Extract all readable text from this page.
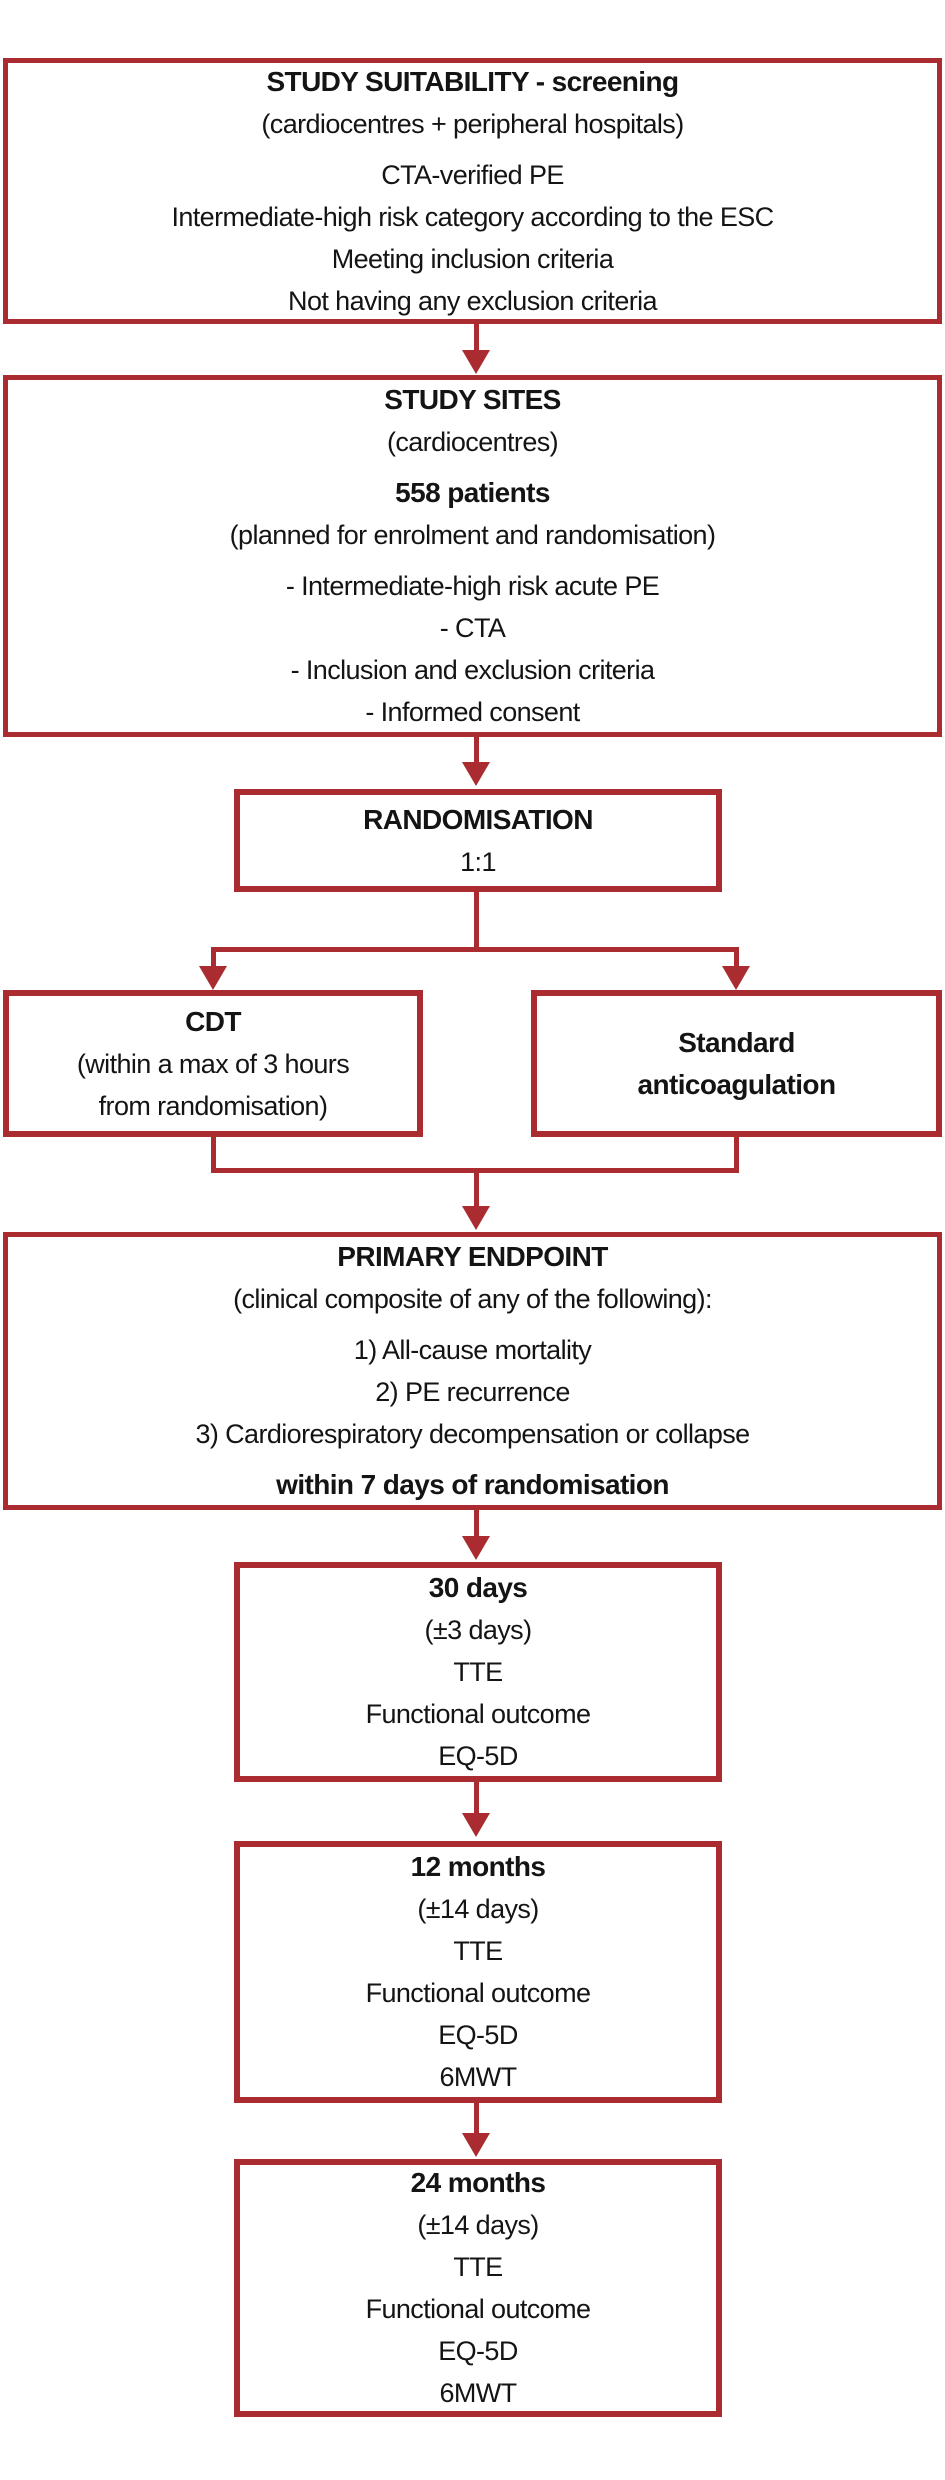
STUDY SUITABILITY - screening
(cardiocentres + peripheral hospitals)
CTA-verified PE
Intermediate-high risk category according to the ESC
Meeting inclusion criteria
Not having any exclusion criteria
STUDY SITES
(cardiocentres)
558 patients
(planned for enrolment and randomisation)
- Intermediate-high risk acute PE
- CTA
- Inclusion and exclusion criteria
- Informed consent
RANDOMISATION
1:1
CDT
(within a max of 3 hours
from randomisation)
Standard
anticoagulation
PRIMARY ENDPOINT
(clinical composite of any of the following):
1) All-cause mortality
2) PE recurrence
3) Cardiorespiratory decompensation or collapse
within 7 days of randomisation
30 days
(±3 days)
TTE
Functional outcome
EQ-5D
12 months
(±14 days)
TTE
Functional outcome
EQ-5D
6MWT
24 months
(±14 days)
TTE
Functional outcome
EQ-5D
6MWT
